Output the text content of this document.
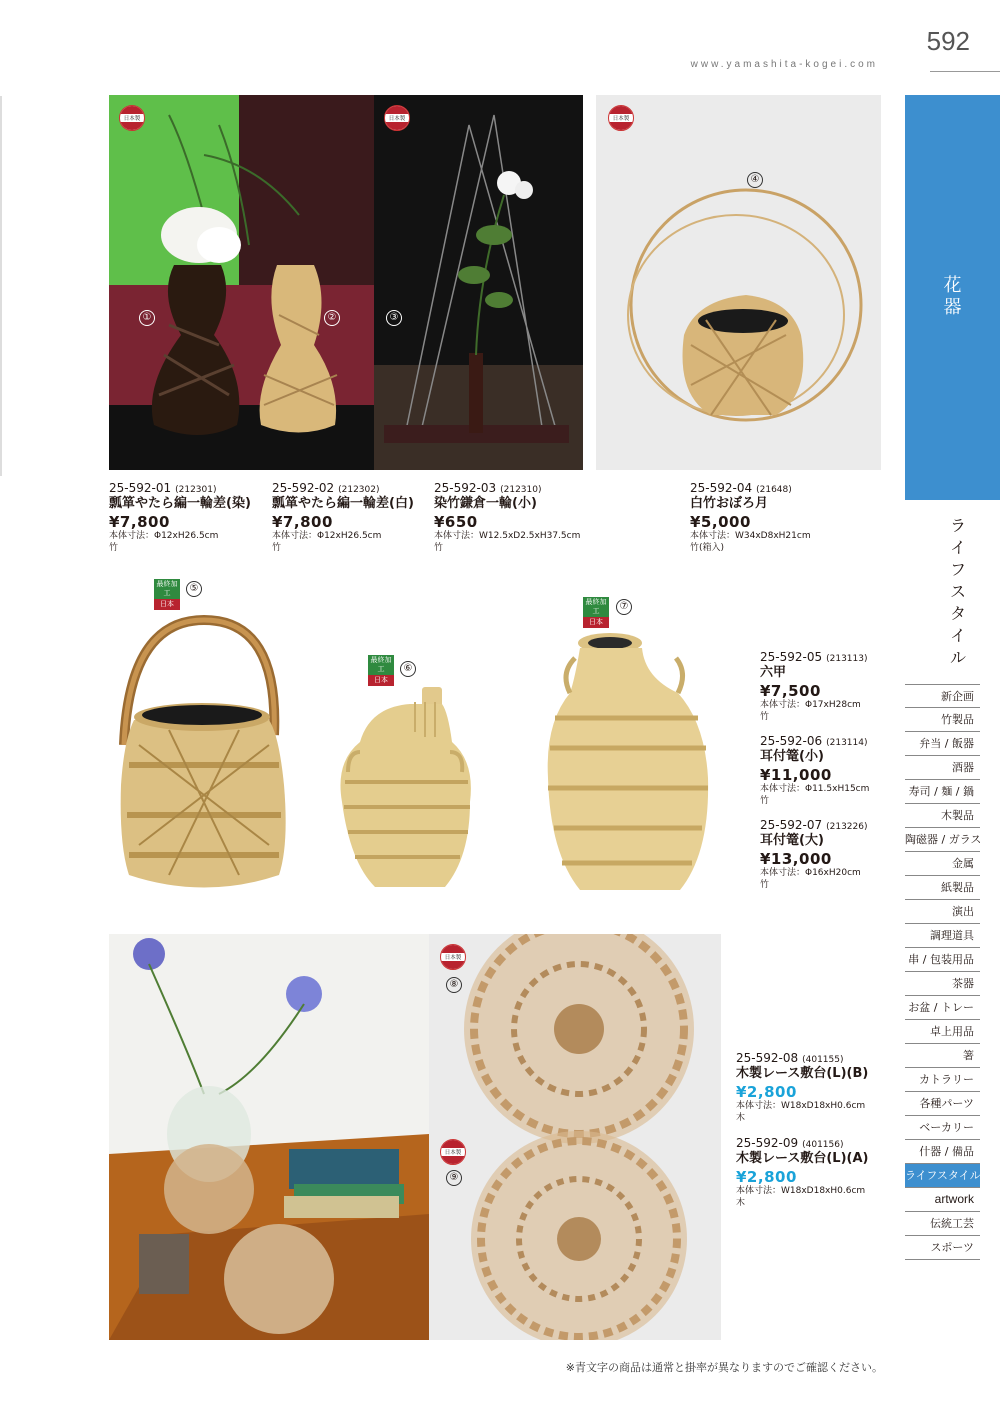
592
www.yamashita-kogei.com
日本製
①	②
日本製
③
日本製
④
25-592-01 (212301)
瓢箪やたら編一輪差(染)
¥7,800
本体寸法：Φ12xH26.5cm
竹
25-592-02 (212302)
瓢箪やたら編一輪差(白)
¥7,800
本体寸法：Φ12xH26.5cm
竹
25-592-03 (212310)
染竹鎌倉一輪(小)
¥650
本体寸法：W12.5xD2.5xH37.5cm
竹
25-592-04 (21648)
白竹おぼろ月
¥5,000
本体寸法：W34xD8xH21cm
竹(箱入)
最終加工
日本
⑤
最終加工
日本
⑥
最終加工
日本
⑦
25-592-05 (213113)
六甲
¥7,500
本体寸法：Φ17xH28cm
竹
25-592-06 (213114)
耳付篭(小)
¥11,000
本体寸法：Φ11.5xH15cm
竹
25-592-07 (213226)
耳付篭(大)
¥13,000
本体寸法：Φ16xH20cm
竹
日本製
⑧
日本製
⑨
25-592-08 (401155)
木製レース敷台(L)(B)
¥2,800
本体寸法：W18xD18xH0.6cm
木
25-592-09 (401156)
木製レース敷台(L)(A)
¥2,800
本体寸法：W18xD18xH0.6cm
木
花
器
ラ
イ
フ
ス
タ
イ
ル
新企画
竹製品
弁当 / 飯器
酒器
寿司 / 麺 / 鍋
木製品
陶磁器 / ガラス
金属
紙製品
演出
調理道具
串 / 包装用品
茶器
お盆 / トレー
卓上用品
箸
カトラリー
各種パーツ
ベーカリー
什器 / 備品
ライフスタイル
artwork
伝統工芸
スポーツ
※青文字の商品は通常と掛率が異なりますのでご確認ください。
